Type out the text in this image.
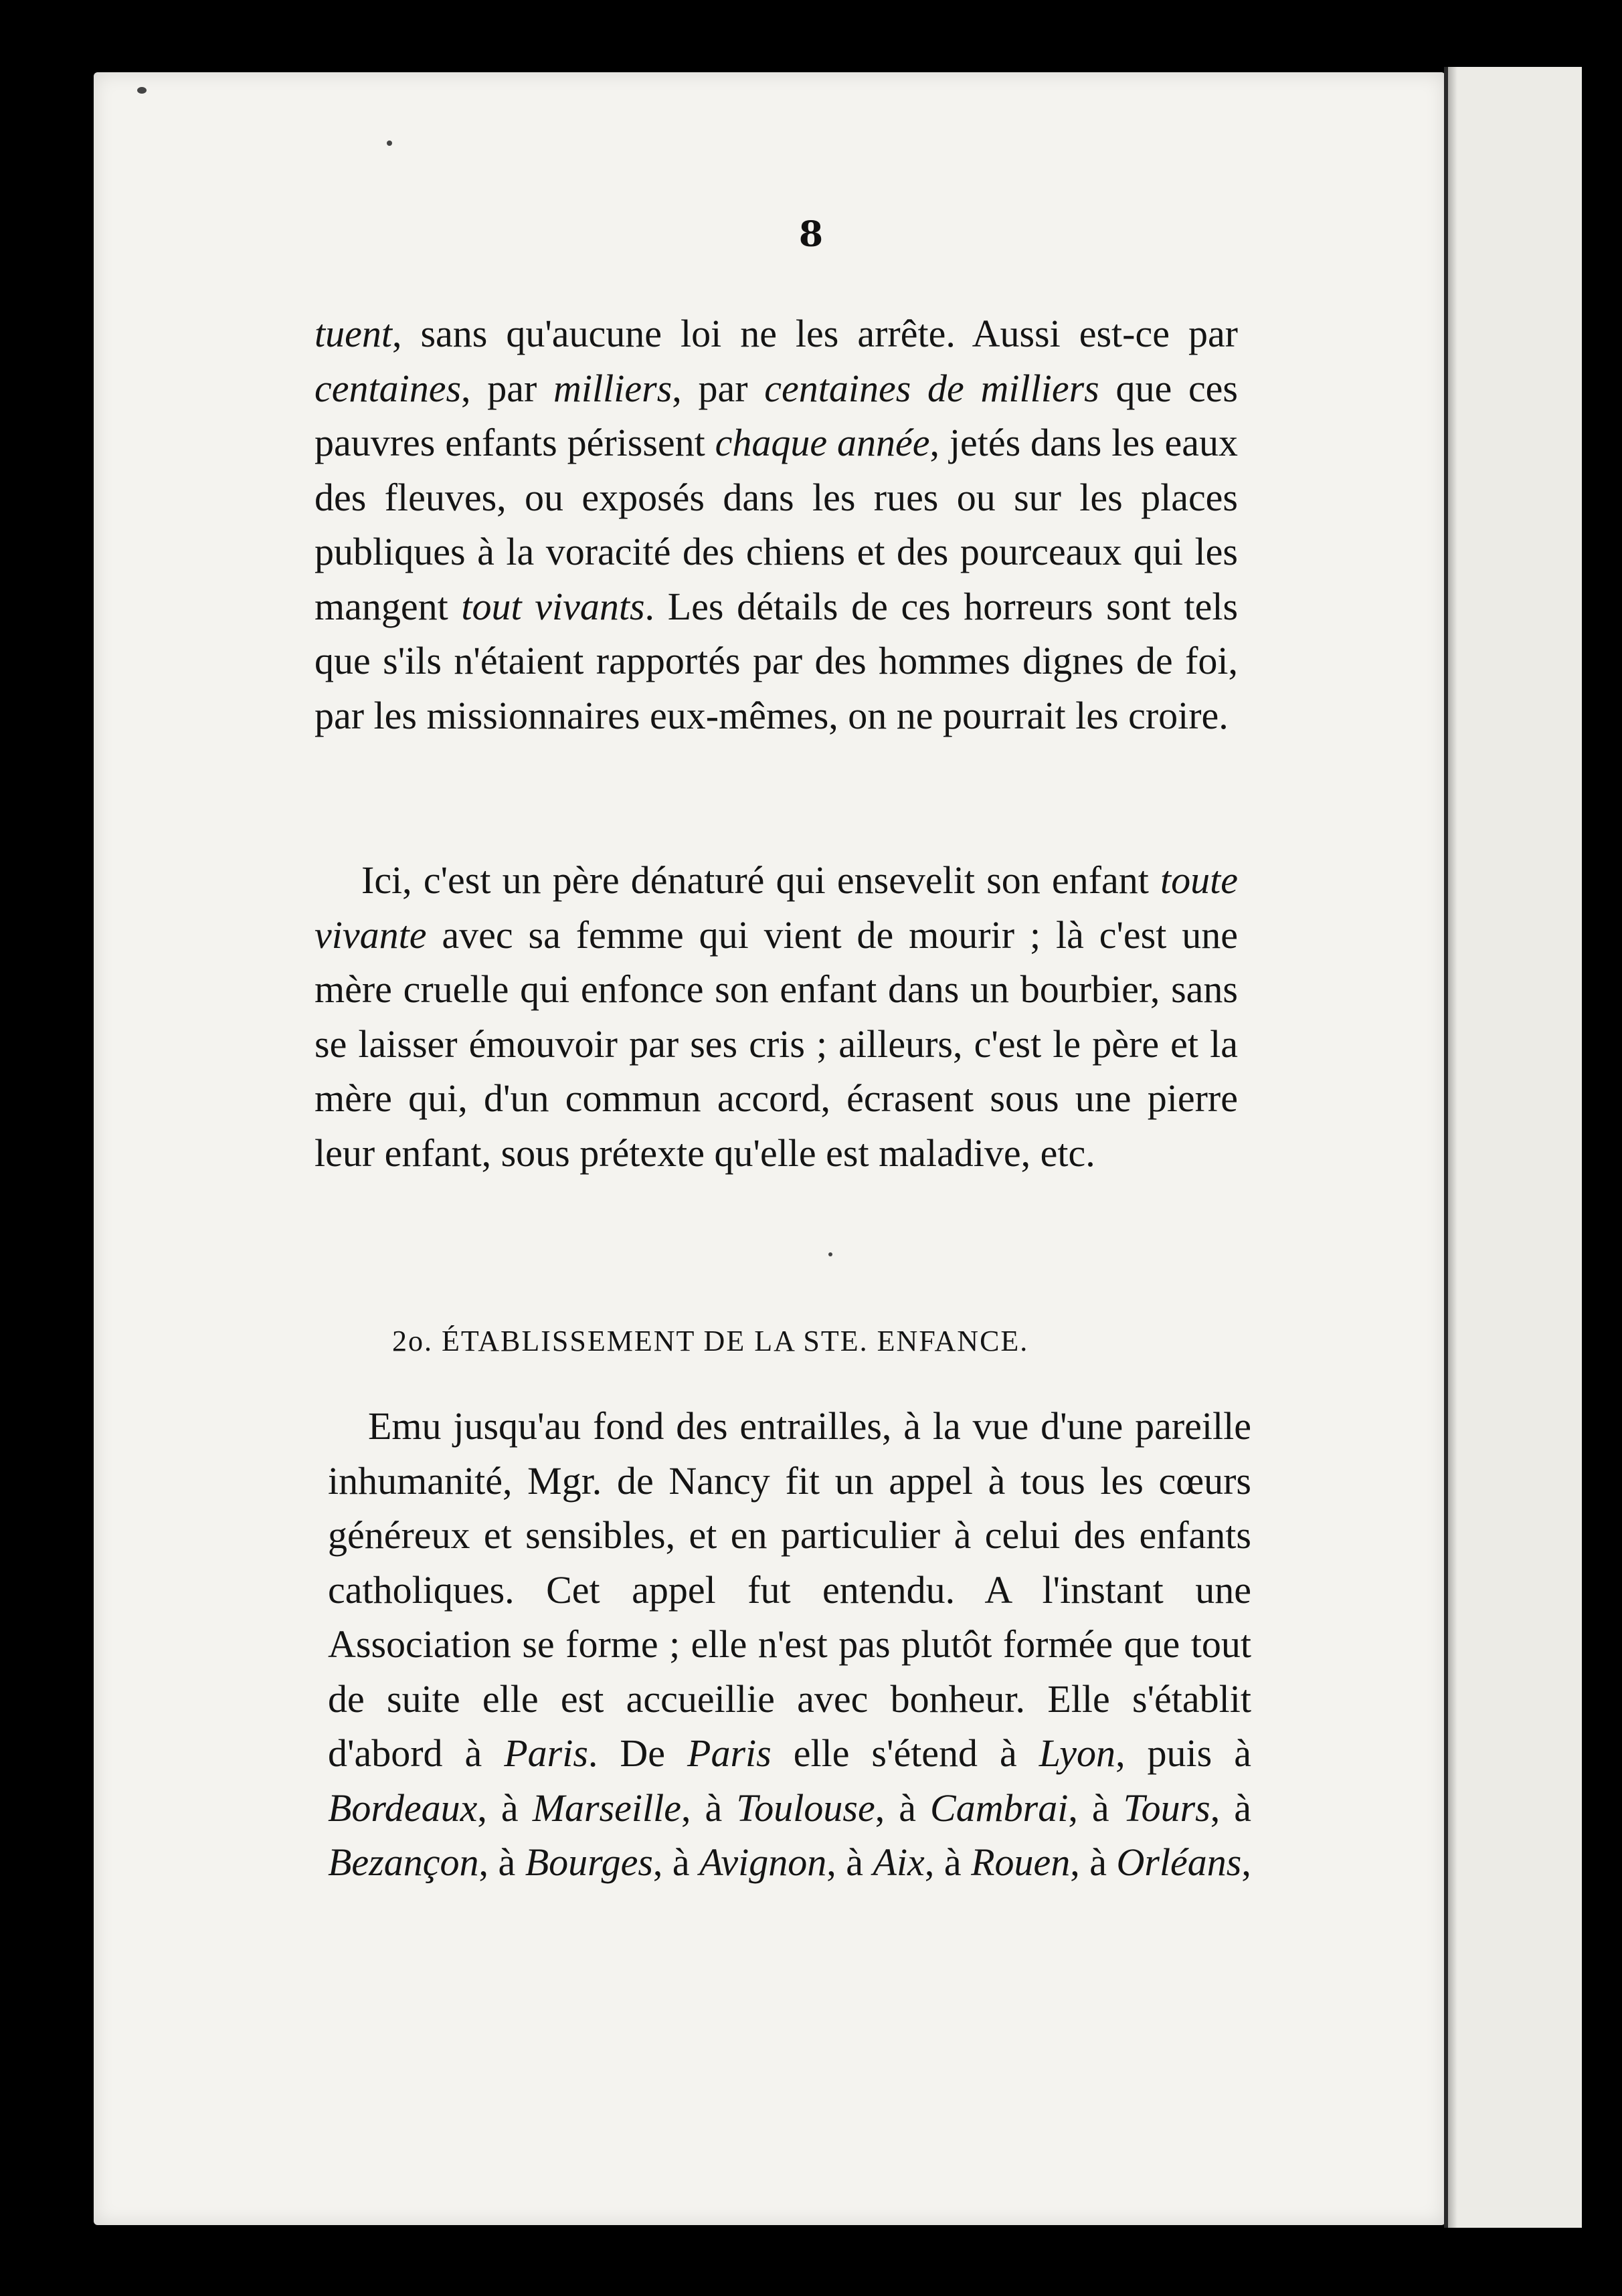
8

tuent, sans qu'aucune loi ne les arrête. Aussi est-ce par centaines, par milliers, par centaines de milliers que ces pauvres enfants périssent chaque année, jetés dans les eaux des fleuves, ou exposés dans les rues ou sur les places publiques à la voracité des chiens et des pourceaux qui les mangent tout vivants. Les détails de ces horreurs sont tels que s'ils n'étaient rapportés par des hommes dignes de foi, par les missionnaires eux-mêmes, on ne pourrait les croire.

Ici, c'est un père dénaturé qui ensevelit son enfant toute vivante avec sa femme qui vient de mourir ; là c'est une mère cruelle qui enfonce son enfant dans un bourbier, sans se laisser émouvoir par ses cris ; ailleurs, c'est le père et la mère qui, d'un commun accord, écrasent sous une pierre leur enfant, sous prétexte qu'elle est maladive, etc.

2o. ÉTABLISSEMENT DE LA STE. ENFANCE.

Emu jusqu'au fond des entrailles, à la vue d'une pareille inhumanité, Mgr. de Nancy fit un appel à tous les cœurs généreux et sensibles, et en particulier à celui des enfants catholiques. Cet appel fut entendu. A l'instant une Association se forme ; elle n'est pas plutôt formée que tout de suite elle est accueillie avec bonheur. Elle s'établit d'abord à Paris. De Paris elle s'étend à Lyon, puis à Bordeaux, à Marseille, à Toulouse, à Cambrai, à Tours, à Bezançon, à Bourges, à Avignon, à Aix, à Rouen, à Orléans,
